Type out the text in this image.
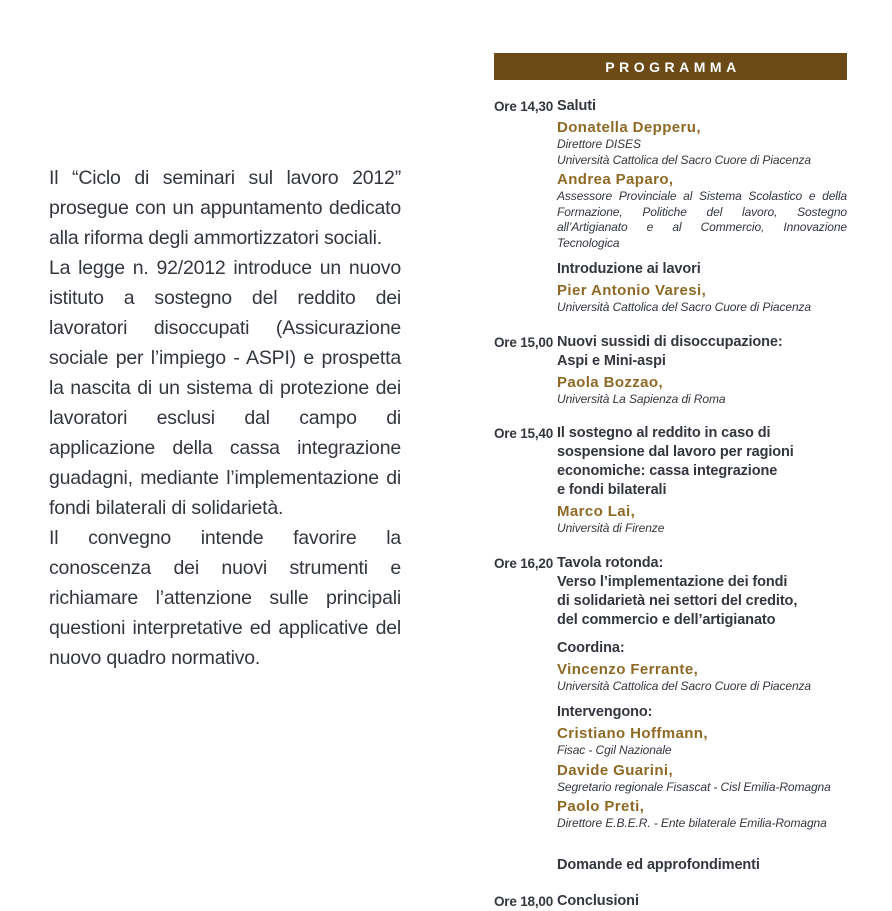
Il “Ciclo di seminari sul lavoro 2012” prosegue con un appuntamento dedicato alla riforma degli ammortizzatori sociali.

La legge n. 92/2012 introduce un nuovo istituto a sostegno del reddito dei lavoratori disoccupati (Assicurazione sociale per l’impiego - ASPI) e prospetta la nascita di un sistema di protezione dei lavoratori esclusi dal campo di applicazione della cassa integrazione guadagni, mediante l’implementazione di fondi bilaterali di solidarietà.

Il convegno intende favorire la conoscenza dei nuovi strumenti e richiamare l’attenzione sulle principali questioni interpretative ed applicative del nuovo quadro normativo.

PROGRAMMA
Ore 14,30 Saluti
Donatella Depperu,
Direttore DISES
Università Cattolica del Sacro Cuore di Piacenza
Andrea Paparo,
Assessore Provinciale al Sistema Scolastico e della Formazione, Politiche del lavoro, Sostegno all’Artigianato e al Commercio, Innovazione Tecnologica
Introduzione ai lavori
Pier Antonio Varesi,
Università Cattolica del Sacro Cuore di Piacenza
Ore 15,00 Nuovi sussidi di disoccupazione:
Aspi e Mini-aspi
Paola Bozzao,
Università La Sapienza di Roma
Ore 15,40 Il sostegno al reddito in caso di
sospensione dal lavoro per ragioni
economiche: cassa integrazione
e fondi bilaterali
Marco Lai,
Università di Firenze
Ore 16,20 Tavola rotonda:
Verso l’implementazione dei fondi
di solidarietà nei settori del credito,
del commercio e dell’artigianato
Coordina:
Vincenzo Ferrante,
Università Cattolica del Sacro Cuore di Piacenza
Intervengono:
Cristiano Hoffmann,
Fisac - Cgil Nazionale
Davide Guarini,
Segretario regionale Fisascat - Cisl Emilia-Romagna
Paolo Preti,
Direttore E.B.E.R. - Ente bilaterale Emilia-Romagna
Domande ed approfondimenti
Ore 18,00 Conclusioni
